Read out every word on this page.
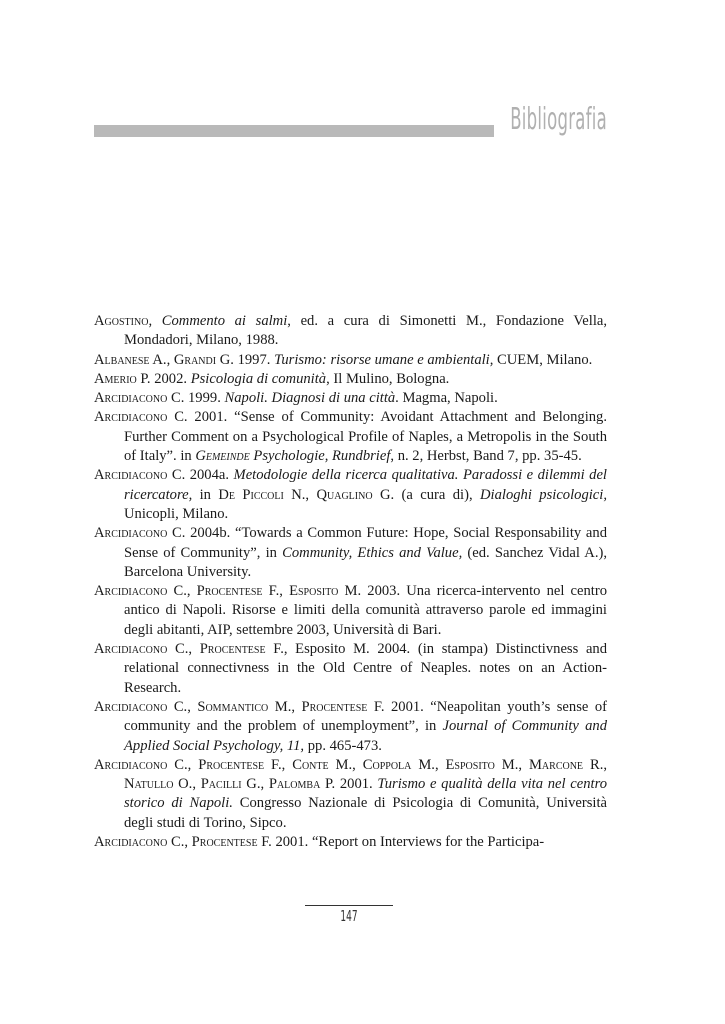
Bibliografia
Agostino, Commento ai salmi, ed. a cura di Simonetti M., Fondazione Vella, Mondadori, Milano, 1988.
Albanese A., Grandi G. 1997. Turismo: risorse umane e ambientali, CUEM, Milano.
Amerio P. 2002. Psicologia di comunità, Il Mulino, Bologna.
Arcidiacono C. 1999. Napoli. Diagnosi di una città. Magma, Napoli.
Arcidiacono C. 2001. “Sense of Community: Avoidant Attachment and Belonging. Further Comment on a Psychological Profile of Naples, a Metropolis in the South of Italy”. in Gemeinde Psychologie, Rundbrief, n. 2, Herbst, Band 7, pp. 35-45.
Arcidiacono C. 2004a. Metodologie della ricerca qualitativa. Paradossi e dilemmi del ricercatore, in De Piccoli N., Quaglino G. (a cura di), Dialoghi psicologici, Unicopli, Milano.
Arcidiacono C. 2004b. “Towards a Common Future: Hope, Social Responsability and Sense of Community”, in Community, Ethics and Value, (ed. Sanchez Vidal A.), Barcelona University.
Arcidiacono C., Procentese F., Esposito M. 2003. Una ricerca-intervento nel centro antico di Napoli. Risorse e limiti della comunità attraverso parole ed immagini degli abitanti, AIP, settembre 2003, Università di Bari.
Arcidiacono C., Procentese F., Esposito M. 2004. (in stampa) Distinctivness and relational connectivness in the Old Centre of Neaples. notes on an Action-Research.
Arcidiacono C., Sommantico M., Procentese F. 2001. “Neapolitan youth’s sense of community and the problem of unemployment”, in Journal of Community and Applied Social Psychology, 11, pp. 465-473.
Arcidiacono C., Procentese F., Conte M., Coppola M., Esposito M., Marcone R., Natullo O., Pacilli G., Palomba P. 2001. Turismo e qualità della vita nel centro storico di Napoli. Congresso Nazionale di Psicologia di Comunità, Università degli studi di Torino, Sipco.
Arcidiacono C., Procentese F. 2001. “Report on Interviews for the Participa-
147
